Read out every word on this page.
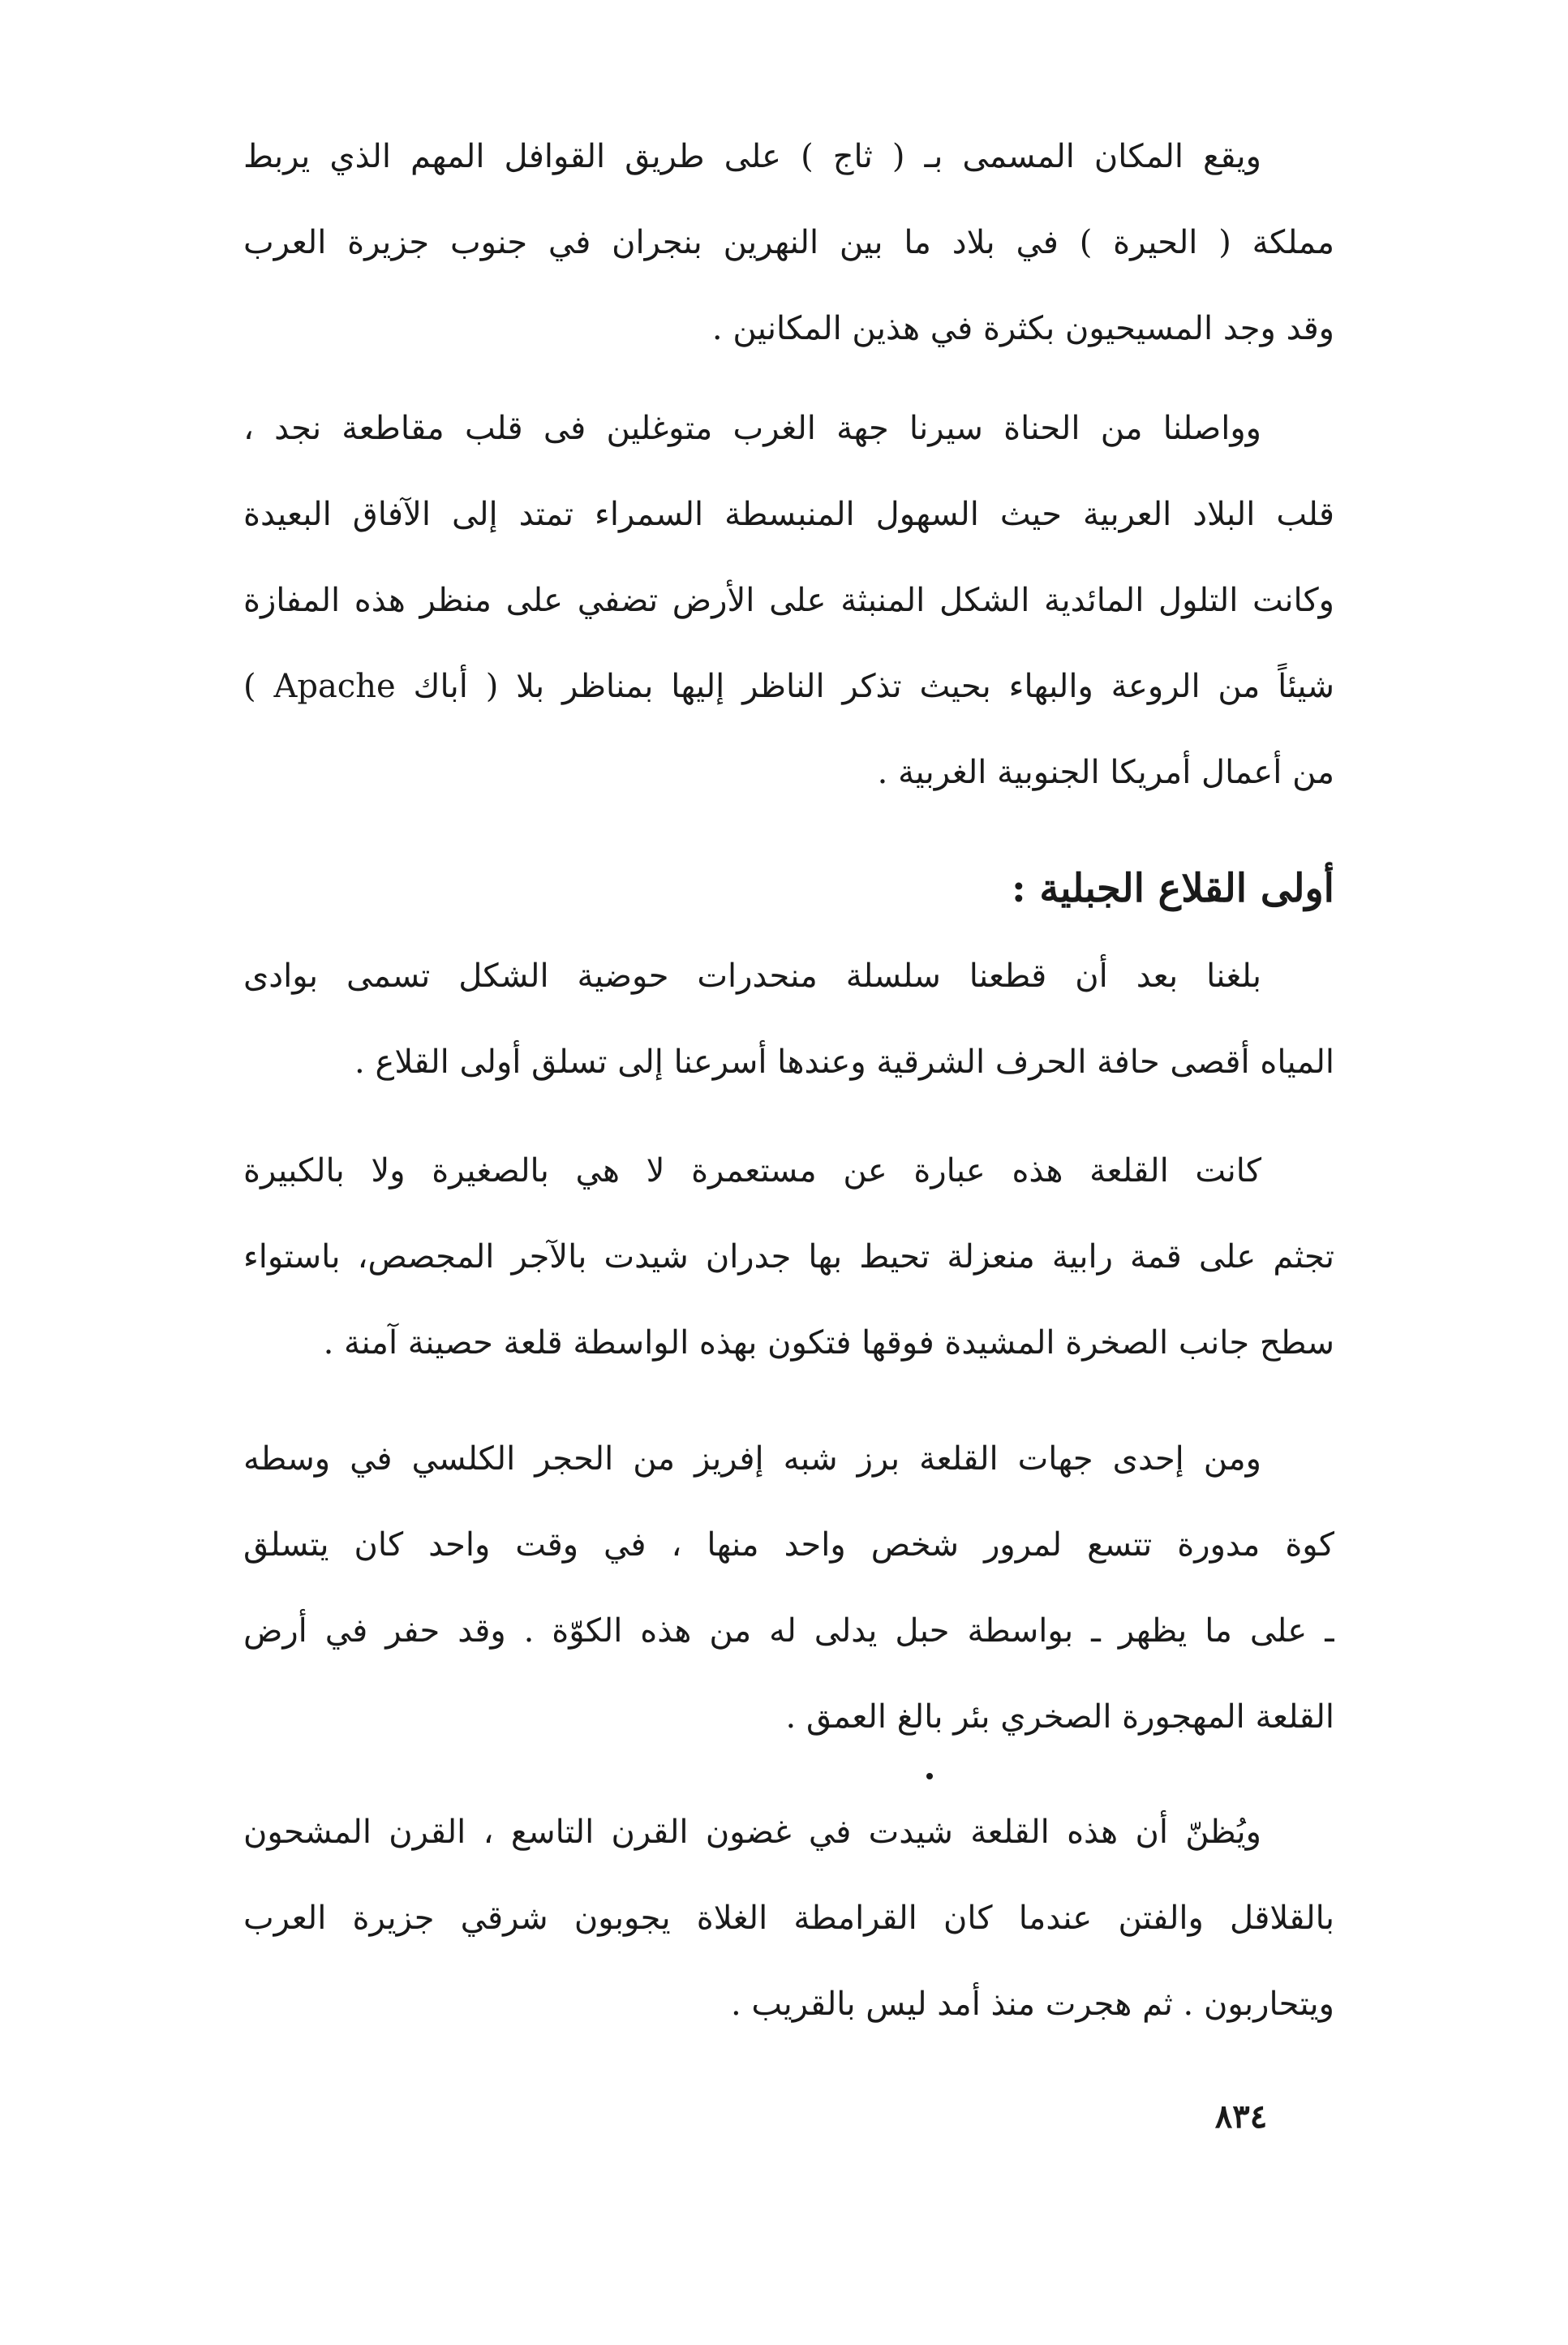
ويقع المكان المسمى بـ ( ثاج ) على طريق القوافل المهم الذي يربط
مملكة ( الحيرة ) في بلاد ما بين النهرين بنجران في جنوب جزيرة العرب
وقد وجد المسيحيون بكثرة في هذين المكانين .
وواصلنا من الحناة سيرنا جهة الغرب متوغلين فى قلب مقاطعة نجد ،
قلب البلاد العربية حيث السهول المنبسطة السمراء تمتد إلى الآفاق البعيدة
وكانت التلول المائدية الشكل المنبثة على الأرض تضفي على منظر هذه المفازة
شيئاً من الروعة والبهاء بحيث تذكر الناظر إليها بمناظر بلا ( أباك Apache )
من أعمال أمريكا الجنوبية الغربية .
أولى القلاع الجبلية :
بلغنا بعد أن قطعنا سلسلة منحدرات حوضية الشكل تسمى بوادى
المياه أقصى حافة الحرف الشرقية وعندها أسرعنا إلى تسلق أولى القلاع .
كانت القلعة هذه عبارة عن مستعمرة لا هي بالصغيرة ولا بالكبيرة
تجثم على قمة رابية منعزلة تحيط بها جدران شيدت بالآجر المجصص، باستواء
سطح جانب الصخرة المشيدة فوقها فتكون بهذه الواسطة قلعة حصينة آمنة .
ومن إحدى جهات القلعة برز شبه إفريز من الحجر الكلسي في وسطه
كوة مدورة تتسع لمرور شخص واحد منها ، في وقت واحد كان يتسلق
ـ على ما يظهر ـ بواسطة حبل يدلى له من هذه الكوّة . وقد حفر في أرض
القلعة المهجورة الصخري بئر بالغ العمق .
ويُظنّ أن هذه القلعة شيدت في غضون القرن التاسع ، القرن المشحون
بالقلاقل والفتن عندما كان القرامطة الغلاة يجوبون شرقي جزيرة العرب
ويتحاربون . ثم هجرت منذ أمد ليس بالقريب .
٨٣٤
